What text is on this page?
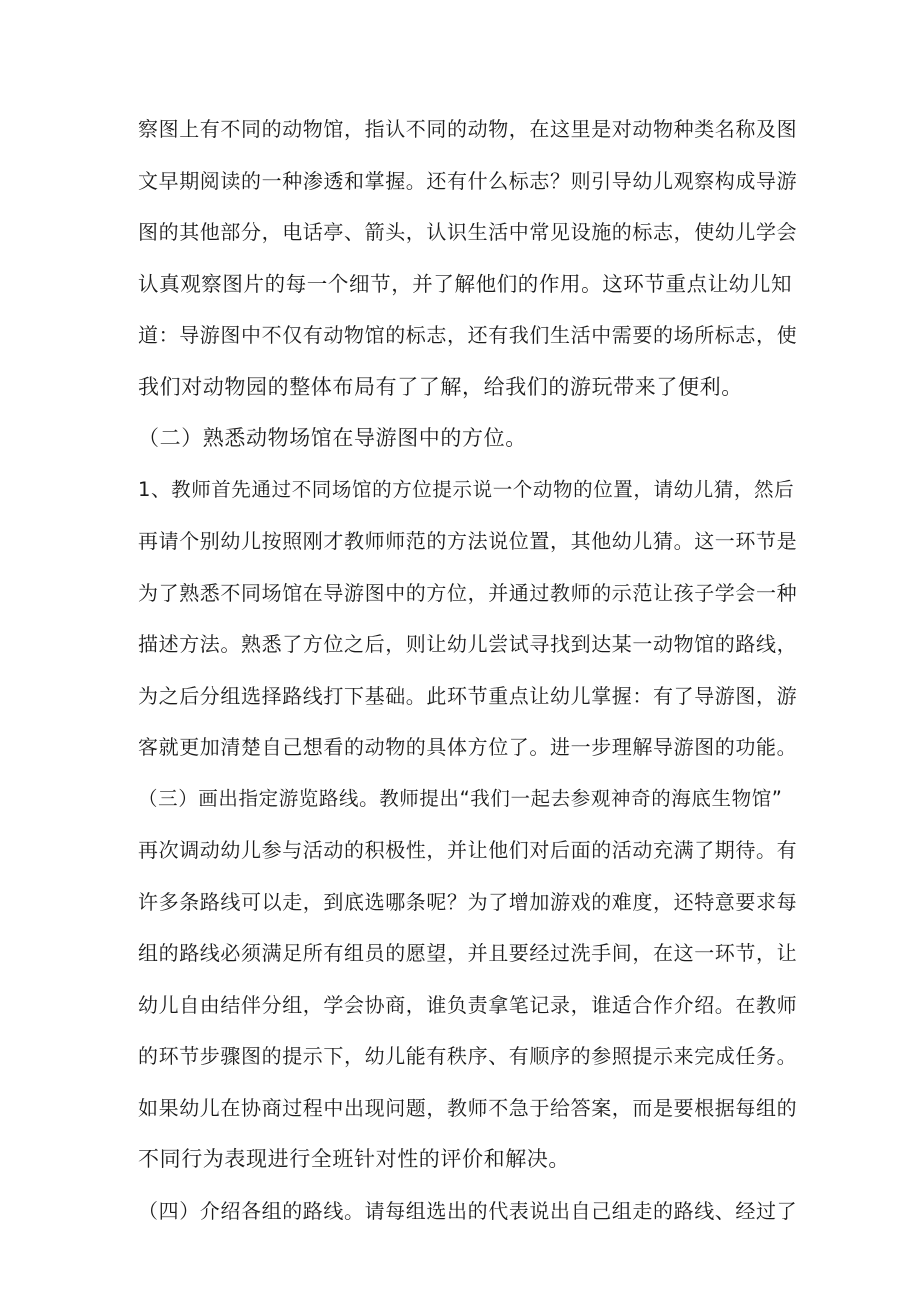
察图上有不同的动物馆，指认不同的动物，在这里是对动物种类名称及图
文早期阅读的一种渗透和掌握。还有什么标志？则引导幼儿观察构成导游
图的其他部分，电话亭、箭头，认识生活中常见设施的标志，使幼儿学会
认真观察图片的每一个细节，并了解他们的作用。这环节重点让幼儿知
道：导游图中不仅有动物馆的标志，还有我们生活中需要的场所标志，使
我们对动物园的整体布局有了了解，给我们的游玩带来了便利。
（二）熟悉动物场馆在导游图中的方位。
1、教师首先通过不同场馆的方位提示说一个动物的位置，请幼儿猜，然后
再请个别幼儿按照刚才教师师范的方法说位置，其他幼儿猜。这一环节是
为了熟悉不同场馆在导游图中的方位，并通过教师的示范让孩子学会一种
描述方法。熟悉了方位之后，则让幼儿尝试寻找到达某一动物馆的路线，
为之后分组选择路线打下基础。此环节重点让幼儿掌握：有了导游图，游
客就更加清楚自己想看的动物的具体方位了。进一步理解导游图的功能。
（三）画出指定游览路线。教师提出“我们一起去参观神奇的海底生物馆”
再次调动幼儿参与活动的积极性，并让他们对后面的活动充满了期待。有
许多条路线可以走，到底选哪条呢？为了增加游戏的难度，还特意要求每
组的路线必须满足所有组员的愿望，并且要经过洗手间，在这一环节，让
幼儿自由结伴分组，学会协商，谁负责拿笔记录，谁适合作介绍。在教师
的环节步骤图的提示下，幼儿能有秩序、有顺序的参照提示来完成任务。
如果幼儿在协商过程中出现问题，教师不急于给答案，而是要根据每组的
不同行为表现进行全班针对性的评价和解决。
（四）介绍各组的路线。请每组选出的代表说出自己组走的路线、经过了
